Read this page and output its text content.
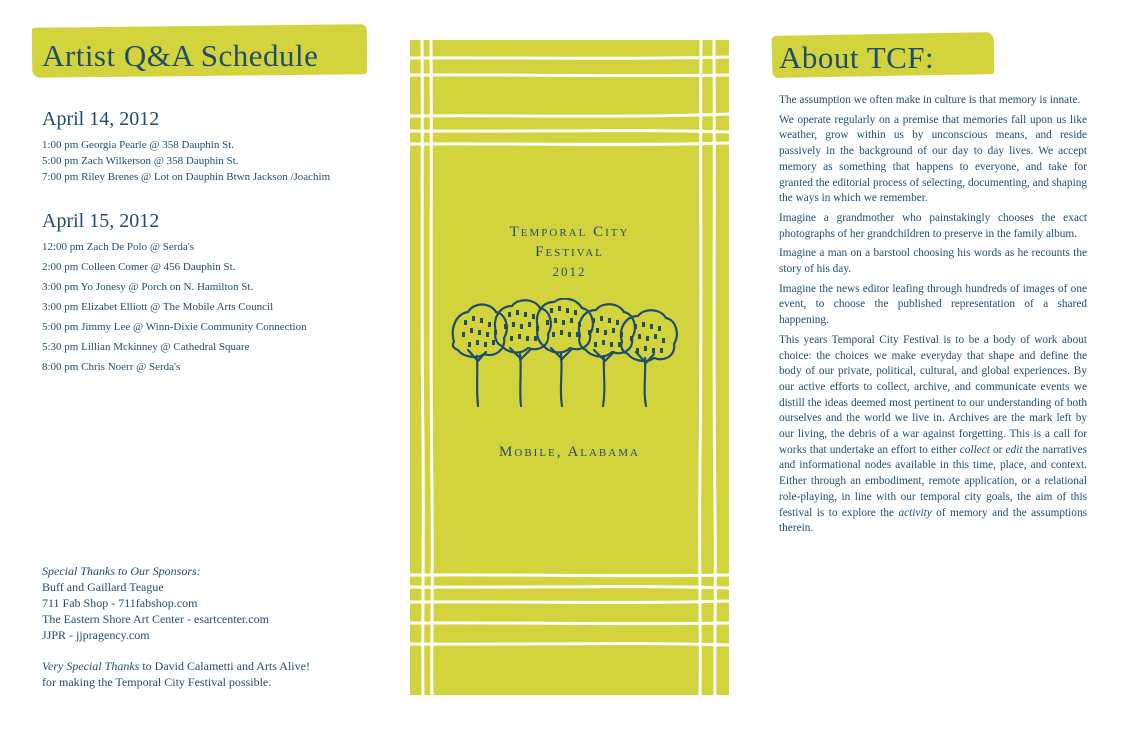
Artist Q&A Schedule
April 14, 2012
1:00 pm Georgia Pearle @ 358 Dauphin St.
5:00 pm Zach Wilkerson @ 358 Dauphin St.
7:00 pm Riley Brenes @ Lot on Dauphin Btwn Jackson /Joachim
April 15, 2012
12:00 pm Zach De Polo @ Serda's
2:00 pm Colleen Comer @ 456 Dauphin St.
3:00 pm Yo Jonesy @ Porch on N. Hamilton St.
3:00 pm Elizabet Elliott @ The Mobile Arts Council
5:00 pm Jimmy Lee @ Winn-Dixie Community Connection
5:30 pm Lillian Mckinney @ Cathedral Square
8:00 pm Chris Noerr @ Serda's
Special Thanks to Our Sponsors:
Buff and Gaillard Teague
711 Fab Shop - 711fabshop.com
The Eastern Shore Art Center - esartcenter.com
JJPR - jjpragency.com
Very Special Thanks to David Calametti and Arts Alive!
for making the Temporal City Festival possible.
Temporal City
Festival
2012
Mobile, Alabama
About TCF:

The assumption we often make in culture is that memory is innate.

We operate regularly on a premise that memories fall upon us like weather, grow within us by unconscious means, and reside passively in the background of our day to day lives. We accept memory as something that happens to everyone, and take for granted the editorial process of selecting, documenting, and shaping the ways in which we remember.

Imagine a grandmother who painstakingly chooses the exact photographs of her grandchildren to preserve in the family album.

Imagine a man on a barstool choosing his words as he recounts the story of his day.

Imagine the news editor leafing through hundreds of images of one event, to choose the published representation of a shared happening.

This years Temporal City Festival is to be a body of work about choice: the choices we make everyday that shape and define the body of our private, political, cultural, and global experiences. By our active efforts to collect, archive, and communicate events we distill the ideas deemed most pertinent to our understanding of both ourselves and the world we live in. Archives are the mark left by our living, the debris of a war against forgetting. This is a call for works that undertake an effort to either collect or edit the narratives and informational nodes available in this time, place, and context. Either through an embodiment, remote application, or a relational role-playing, in line with our temporal city goals, the aim of this festival is to explore the activity of memory and the assumptions therein.
